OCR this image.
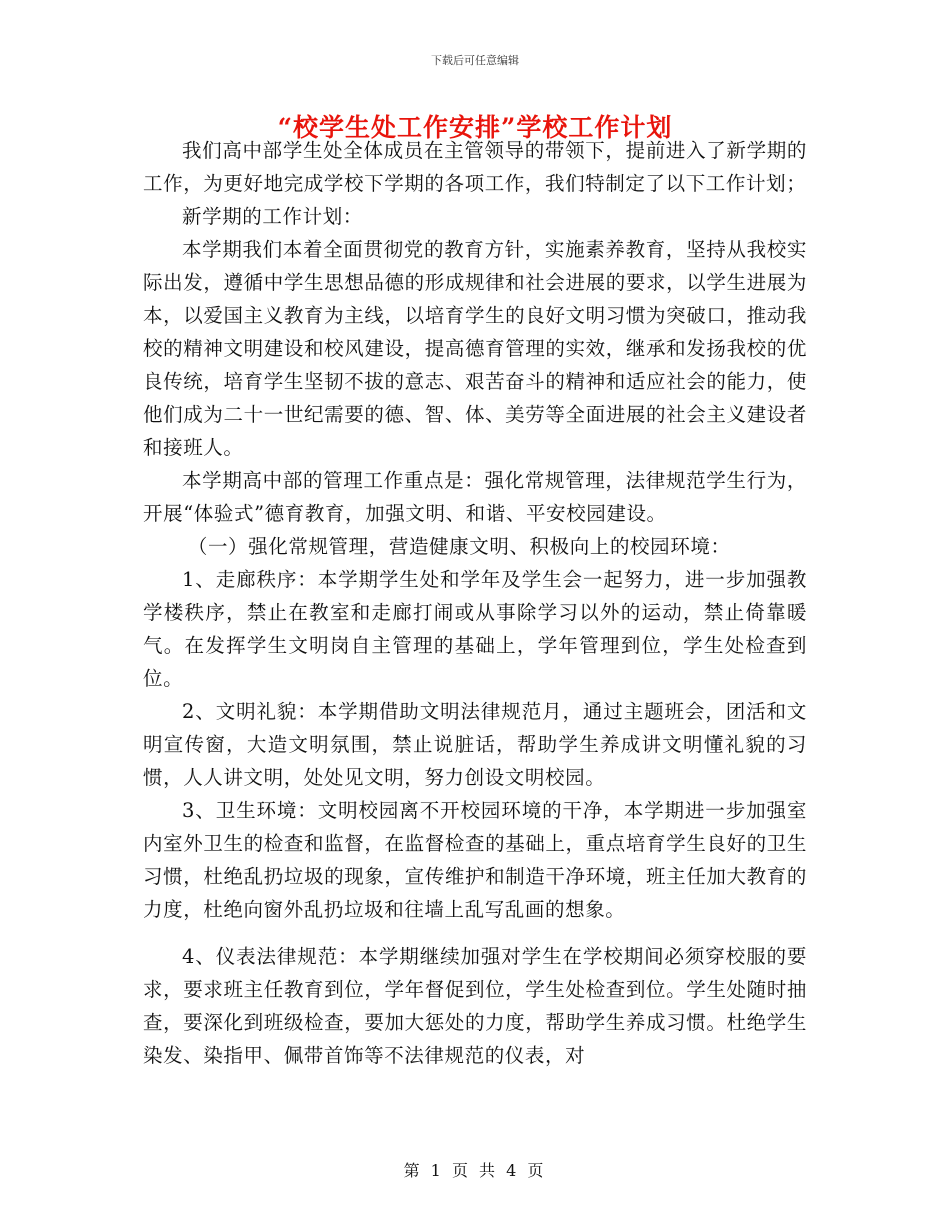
下载后可任意编辑
“校学生处工作安排”学校工作计划

我们高中部学生处全体成员在主管领导的带领下，提前进入了新学期的工作，为更好地完成学校下学期的各项工作，我们特制定了以下工作计划；

新学期的工作计划：

本学期我们本着全面贯彻党的教育方针，实施素养教育，坚持从我校实际出发，遵循中学生思想品德的形成规律和社会进展的要求，以学生进展为本，以爱国主义教育为主线，以培育学生的良好文明习惯为突破口，推动我校的精神文明建设和校风建设，提高德育管理的实效，继承和发扬我校的优良传统，培育学生坚韧不拔的意志、艰苦奋斗的精神和适应社会的能力，使他们成为二十一世纪需要的德、智、体、美劳等全面进展的社会主义建设者和接班人。

本学期高中部的管理工作重点是：强化常规管理，法律规范学生行为，开展“体验式”德育教育，加强文明、和谐、平安校园建设。

（一）强化常规管理，营造健康文明、积极向上的校园环境：

1、走廊秩序：本学期学生处和学年及学生会一起努力，进一步加强教学楼秩序，禁止在教室和走廊打闹或从事除学习以外的运动，禁止倚靠暖气。在发挥学生文明岗自主管理的基础上，学年管理到位，学生处检查到位。

2、文明礼貌：本学期借助文明法律规范月，通过主题班会，团活和文明宣传窗，大造文明氛围，禁止说脏话，帮助学生养成讲文明懂礼貌的习惯，人人讲文明，处处见文明，努力创设文明校园。

3、卫生环境：文明校园离不开校园环境的干净，本学期进一步加强室内室外卫生的检查和监督，在监督检查的基础上，重点培育学生良好的卫生习惯，杜绝乱扔垃圾的现象，宣传维护和制造干净环境，班主任加大教育的力度，杜绝向窗外乱扔垃圾和往墙上乱写乱画的想象。

4、仪表法律规范：本学期继续加强对学生在学校期间必须穿校服的要求，要求班主任教育到位，学年督促到位，学生处检查到位。学生处随时抽查，要深化到班级检查，要加大惩处的力度，帮助学生养成习惯。杜绝学生染发、染指甲、佩带首饰等不法律规范的仪表，对

第 1 页 共 4 页
